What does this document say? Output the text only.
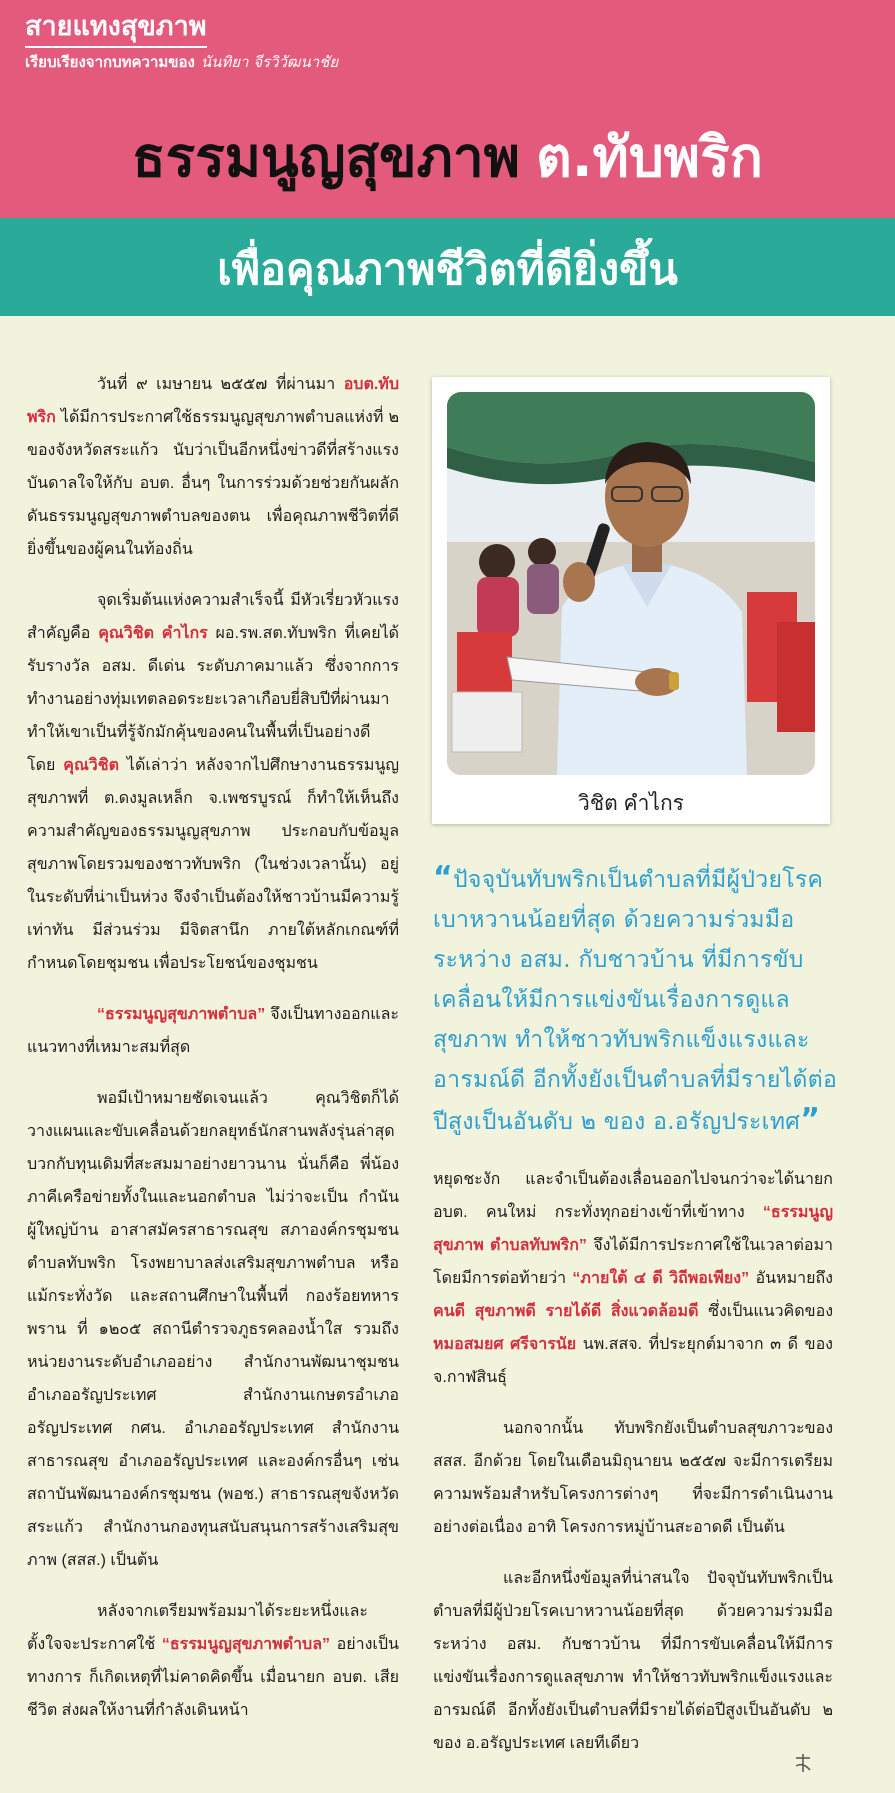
สายแทงสุขภาพ
เรียบเรียงจากบทความของ นันทิยา จีรวิวัฒนาชัย
ธรรมนูญสุขภาพ ต.ทับพริก
เพื่อคุณภาพชีวิตที่ดียิ่งขึ้น

วันที่ ๙ เมษายน ๒๕๕๗ ที่ผ่านมา อบต.ทับพริก ได้มีการประกาศใช้ธรรมนูญสุขภาพตำบลแห่งที่ ๒ ของจังหวัดสระแก้ว นับว่าเป็นอีกหนึ่งข่าวดีที่สร้างแรงบันดาลใจให้กับ อบต. อื่นๆ ในการร่วมด้วยช่วยกันผลักดันธรรมนูญสุขภาพตำบลของตน เพื่อคุณภาพชีวิตที่ดียิ่งขึ้นของผู้คนในท้องถิ่น

จุดเริ่มต้นแห่งความสำเร็จนี้ มีหัวเรี่ยวหัวแรงสำคัญคือ คุณวิชิต คำไกร ผอ.รพ.สต.ทับพริก ที่เคยได้รับรางวัล อสม. ดีเด่น ระดับภาคมาแล้ว ซึ่งจากการทำงานอย่างทุ่มเทตลอดระยะเวลาเกือบยี่สิบปีที่ผ่านมา ทำให้เขาเป็นที่รู้จักมักคุ้นของคนในพื้นที่เป็นอย่างดี โดย คุณวิชิต ได้เล่าว่า หลังจากไปศึกษางานธรรมนูญสุขภาพที่ ต.ดงมูลเหล็ก จ.เพชรบูรณ์ ก็ทำให้เห็นถึงความสำคัญของธรรมนูญสุขภาพ ประกอบกับข้อมูลสุขภาพโดยรวมของชาวทับพริก (ในช่วงเวลานั้น) อยู่ในระดับที่น่าเป็นห่วง จึงจำเป็นต้องให้ชาวบ้านมีความรู้เท่าทัน มีส่วนร่วม มีจิตสานึก ภายใต้หลักเกณฑ์ที่กำหนดโดยชุมชน เพื่อประโยชน์ของชุมชน

“ธรรมนูญสุขภาพตำบล” จึงเป็นทางออกและแนวทางที่เหมาะสมที่สุด

พอมีเป้าหมายชัดเจนแล้ว คุณวิชิตก็ได้วางแผนและขับเคลื่อนด้วยกลยุทธ์นักสานพลังรุ่นล่าสุด บวกกับทุนเดิมที่สะสมมาอย่างยาวนาน นั่นก็คือ พี่น้องภาคีเครือข่ายทั้งในและนอกตำบล ไม่ว่าจะเป็น กำนัน ผู้ใหญ่บ้าน อาสาสมัครสาธารณสุข สภาองค์กรชุมชนตำบลทับพริก โรงพยาบาลส่งเสริมสุขภาพตำบล หรือแม้กระทั่งวัด และสถานศึกษาในพื้นที่ กองร้อยทหารพราน ที่ ๑๒๐๕ สถานีตำรวจภูธรคลองน้ำใส รวมถึงหน่วยงานระดับอำเภออย่าง สำนักงานพัฒนาชุมชนอำเภออรัญประเทศ สำนักงานเกษตรอำเภออรัญประเทศ กศน. อำเภออรัญประเทศ สำนักงานสาธารณสุข อำเภออรัญประเทศ และองค์กรอื่นๆ เช่น สถาบันพัฒนาองค์กรชุมชน (พอช.) สาธารณสุขจังหวัดสระแก้ว สำนักงานกองทุนสนับสนุนการสร้างเสริมสุขภาพ (สสส.) เป็นต้น

หลังจากเตรียมพร้อมมาได้ระยะหนึ่งและตั้งใจจะประกาศใช้ “ธรรมนูญสุขภาพตำบล” อย่างเป็นทางการ ก็เกิดเหตุที่ไม่คาดคิดขึ้น เมื่อนายก อบต. เสียชีวิต ส่งผลให้งานที่กำลังเดินหน้า

วิชิต คำไกร
“ปัจจุบันทับพริกเป็นตำบลที่มีผู้ป่วยโรคเบาหวานน้อยที่สุด ด้วยความร่วมมือระหว่าง อสม. กับชาวบ้าน ที่มีการขับเคลื่อนให้มีการแข่งขันเรื่องการดูแลสุขภาพ ทำให้ชาวทับพริกแข็งแรงและอารมณ์ดี อีกทั้งยังเป็นตำบลที่มีรายได้ต่อปีสูงเป็นอันดับ ๒ ของ อ.อรัญประเทศ”

หยุดชะงัก และจำเป็นต้องเลื่อนออกไปจนกว่าจะได้นายก อบต. คนใหม่ กระทั่งทุกอย่างเข้าที่เข้าทาง “ธรรมนูญสุขภาพ ตำบลทับพริก” จึงได้มีการประกาศใช้ในเวลาต่อมา โดยมีการต่อท้ายว่า “ภายใต้ ๔ ดี วิถีพอเพียง” อันหมายถึง คนดี สุขภาพดี รายได้ดี สิ่งแวดล้อมดี ซึ่งเป็นแนวคิดของ หมอสมยศ ศรีจารนัย นพ.สสจ. ที่ประยุกต์มาจาก ๓ ดี ของ จ.กาฬสินธุ์

นอกจากนั้น ทับพริกยังเป็นตำบลสุขภาวะของ สสส. อีกด้วย โดยในเดือนมิถุนายน ๒๕๕๗ จะมีการเตรียมความพร้อมสำหรับโครงการต่างๆ ที่จะมีการดำเนินงานอย่างต่อเนื่อง อาทิ โครงการหมู่บ้านสะอาดดี เป็นต้น

และอีกหนึ่งข้อมูลที่น่าสนใจ ปัจจุบันทับพริกเป็นตำบลที่มีผู้ป่วยโรคเบาหวานน้อยที่สุด ด้วยความร่วมมือระหว่าง อสม. กับชาวบ้าน ที่มีการขับเคลื่อนให้มีการแข่งขันเรื่องการดูแลสุขภาพ ทำให้ชาวทับพริกแข็งแรงและอารมณ์ดี อีกทั้งยังเป็นตำบลที่มีรายได้ต่อปีสูงเป็นอันดับ ๒ ของ อ.อรัญประเทศ เลยทีเดียว
